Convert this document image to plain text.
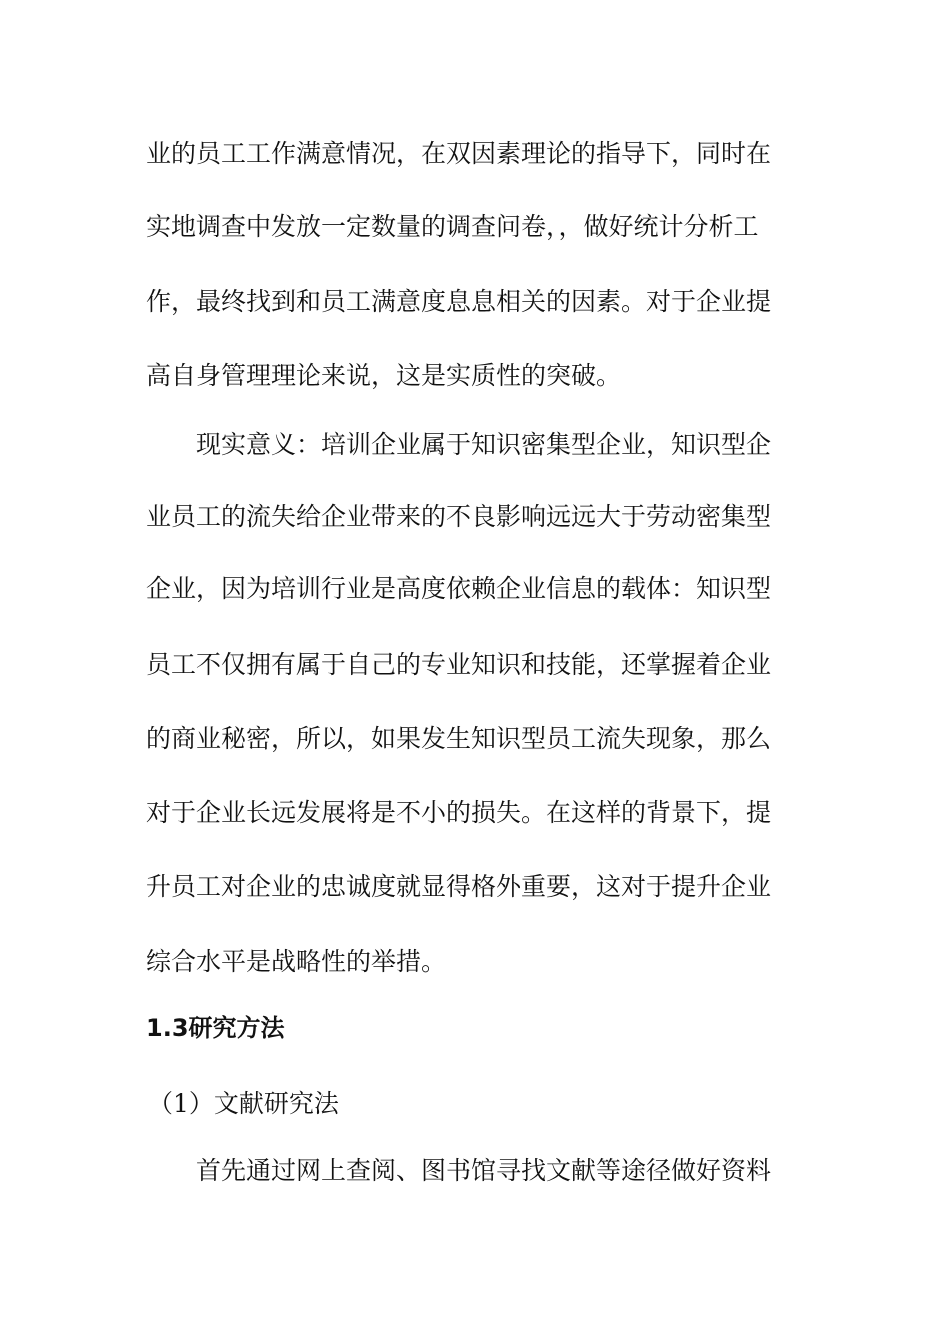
业的员工工作满意情况，在双因素理论的指导下，同时在
实地调查中发放一定数量的调查问卷，，做好统计分析工
作，最终找到和员工满意度息息相关的因素。对于企业提
高自身管理理论来说，这是实质性的突破。
现实意义：培训企业属于知识密集型企业，知识型企
业员工的流失给企业带来的不良影响远远大于劳动密集型
企业，因为培训行业是高度依赖企业信息的载体：知识型
员工不仅拥有属于自己的专业知识和技能，还掌握着企业
的商业秘密，所以，如果发生知识型员工流失现象，那么
对于企业长远发展将是不小的损失。在这样的背景下，提
升员工对企业的忠诚度就显得格外重要，这对于提升企业
综合水平是战略性的举措。
1.3研究方法
（1）文献研究法
首先通过网上查阅、图书馆寻找文献等途径做好资料
